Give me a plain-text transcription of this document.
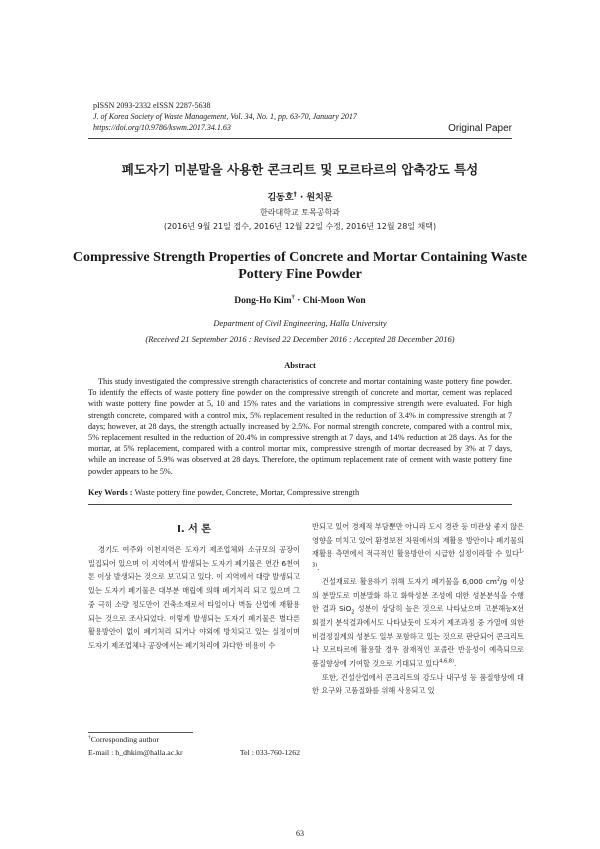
pISSN 2093-2332 eISSN 2287-5638
J. of Korea Society of Waste Management, Vol. 34, No. 1, pp. 63-70, January 2017
https://doi.org/10.9786/kswm.2017.34.1.63	Original Paper
폐도자기 미분말을 사용한 콘크리트 및 모르타르의 압축강도 특성
김동호† · 원치문
한라대학교 토목공학과
(2016년 9월 21일 접수, 2016년 12월 22일 수정, 2016년 12월 28일 채택)
Compressive Strength Properties of Concrete and Mortar Containing Waste Pottery Fine Powder
Dong-Ho Kim† · Chi-Moon Won
Department of Civil Engineering, Halla University
(Received 21 September 2016 : Revised 22 December 2016 : Accepted 28 December 2016)
Abstract

This study investigated the compressive strength characteristics of concrete and mortar containing waste pottery fine powder. To identify the effects of waste pottery fine powder on the compressive strength of concrete and mortar, cement was replaced with waste pottery fine powder at 5, 10 and 15% rates and the variations in compressive strength were evaluated. For high strength concrete, compared with a control mix, 5% replacement resulted in the reduction of 3.4% in compressive strength at 7 days; however, at 28 days, the strength actually increased by 2.5%. For normal strength concrete, compared with a control mix, 5% replacement resulted in the reduction of 20.4% in compressive strength at 7 days, and 14% reduction at 28 days. As for the mortar, at 5% replacement, compared with a control mortar mix, compressive strength of mortar decreased by 3% at 7 days, while an increase of 5.9% was observed at 28 days. Therefore, the optimum replacement rate of cement with waste pottery fine powder appears to be 5%.

Key Words : Waste pottery fine powder, Concrete, Mortar, Compressive strength
I. 서 론

경기도 여주와 이천지역은 도자기 제조업체와 소규모의 공장이 밀집되어 있으며 이 지역에서 발생되는 도자기 폐기물은 연간 6천여톤 이상 발생되는 것으로 보고되고 있다. 이 지역에서 대량 발생되고 있는 도자기 폐기물은 대부분 매립에 의해 폐기처리 되고 있으며 그중 극히 소량 정도만이 건축소재로서 타일이나 벽돌 산업에 재활용되는 것으로 조사되었다. 이렇게 발생되는 도자기 폐기물은 별다른 활용방안이 없이 폐기처리 되거나 야외에 방치되고 있는 실정이며 도자기 제조업체나 공장에서는 폐기처리에 과다한 비용이 수

반되고 있어 경제적 부담뿐만 아니라 도시 경관 등 미관상 좋지 않은 영향을 미치고 있어 환경보전 차원에서의 재활용 방안이나 폐기물의 재활용 측면에서 적극적인 활용방안이 시급한 실정이라할 수 있다$^{1-3)}$.

건설재료로 활용하기 위해 도자기 폐기물을 6,000 $cm^2/g$ 이상의 분말도로 미분말화 하고 화학성분 조성에 대한 성분분석을 수행한 결과 SiO$_2$ 성분이 상당히 높은 것으로 나타났으며 고분해능X선 회절기 분석결과에서도 나타났듯이 도자기 제조과정 중 가열에 의한 비결정질계의 성분도 일부 포함하고 있는 것으로 판단되어 콘크리트나 모르타르에 활용할 경우 잠재적인 포졸란 반응성이 예측되므로 품질향상에 기여할 것으로 기대되고 있다$^{4,6,8)}$.

또한, 건설산업에서 콘크리트의 강도나 내구성 등 품질향상에 대한 요구와 고품질화를 위해 사용되고 있

†Corresponding author
E-mail : h_dhkim@halla.ac.kr	Tel : 033-760-1262
63
